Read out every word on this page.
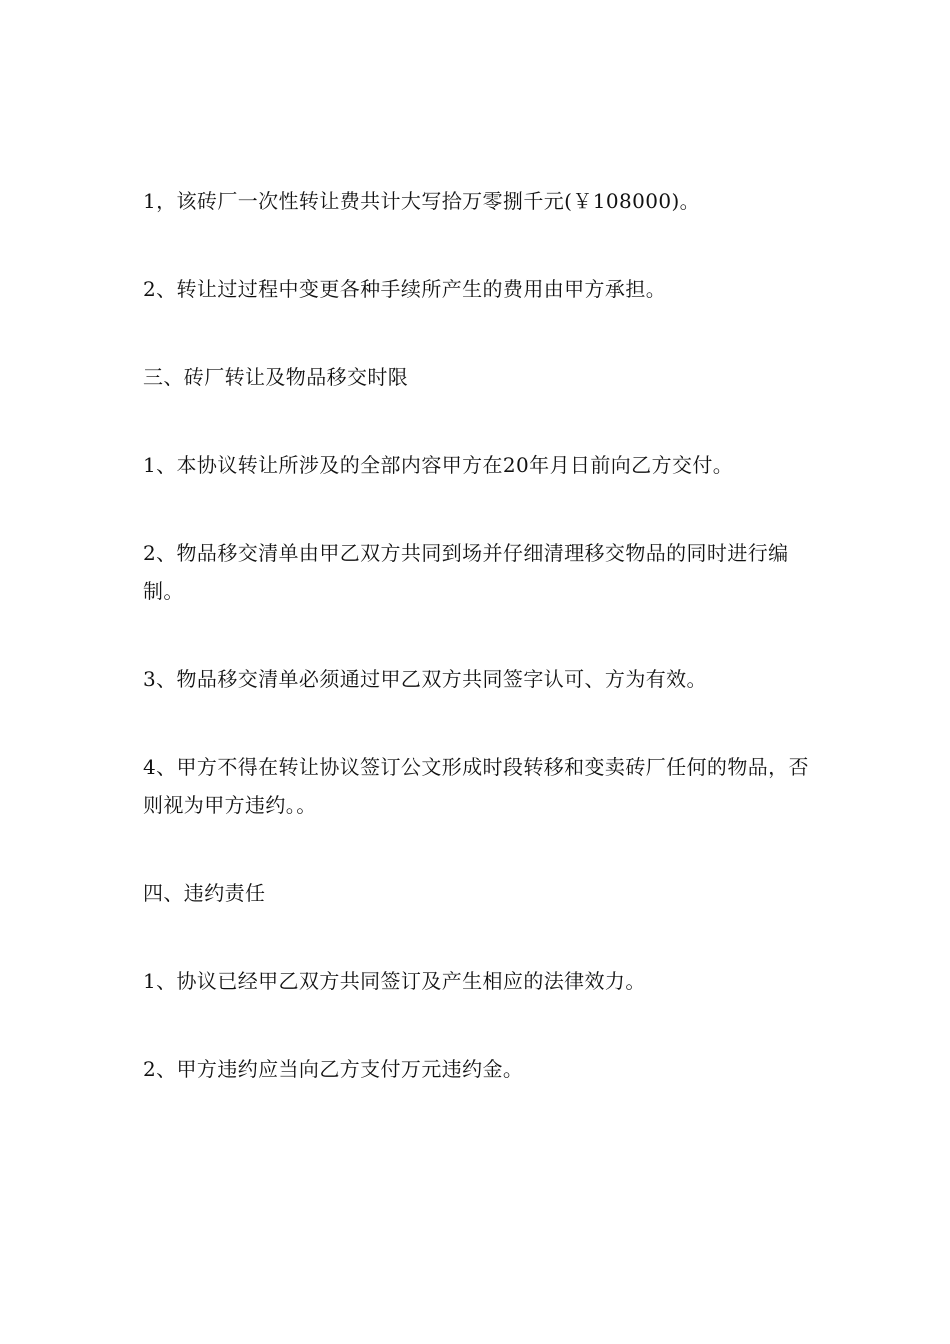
1，该砖厂一次性转让费共计大写拾万零捌千元(￥108000)。

2、转让过过程中变更各种手续所产生的费用由甲方承担。

三、砖厂转让及物品移交时限

1、本协议转让所涉及的全部内容甲方在20年月日前向乙方交付。

2、物品移交清单由甲乙双方共同到场并仔细清理移交物品的同时进行编制。

3、物品移交清单必须通过甲乙双方共同签字认可、方为有效。

4、甲方不得在转让协议签订公文形成时段转移和变卖砖厂任何的物品，否则视为甲方违约。。

四、违约责任

1、协议已经甲乙双方共同签订及产生相应的法律效力。

2、甲方违约应当向乙方支付万元违约金。
